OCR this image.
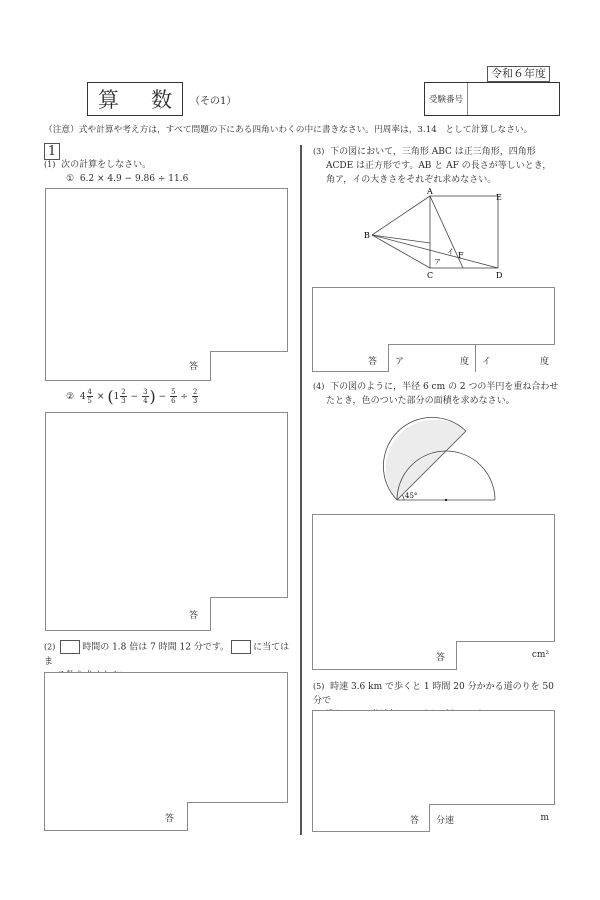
令和６年度
算 数 （その1）	受験番号
（注意）式や計算や考え方は，すべて問題の下にある四角いわくの中に書きなさい。円周率は，3.14　として計算しなさい。
1
(1) 次の計算をしなさい。
① 6.2 × 4.9 − 9.86 ÷ 11.6
答
②
$4 \frac{4}{5}$
×
( $1 \frac{2}{3}$
−
$\frac{3}{4}$ )
−
$\frac{5}{6}$
÷
$\frac{2}{3}$
答
(2)	時間の 1.8 倍は 7 時間 12 分です。	に当てはま

答
(3) 下の図において，三角形 ABC は正三角形，四角形
ACDE は正方形です。AB と AF の長さが等しいとき，
角ア，イの大きさをそれぞれ求めなさい。
A
E
B
F
C	D
ア
イ
答 ア	度 イ	度
(4) 下の図のように，半径 6 cm の 2 つの半円を重ね合わせ
たとき，色のついた部分の面積を求めなさい。
45°
答	cm²
(5) 時速 3.6 km で歩くと 1 時間 20 分かかる道のりを 50 分で

答 分速	m
